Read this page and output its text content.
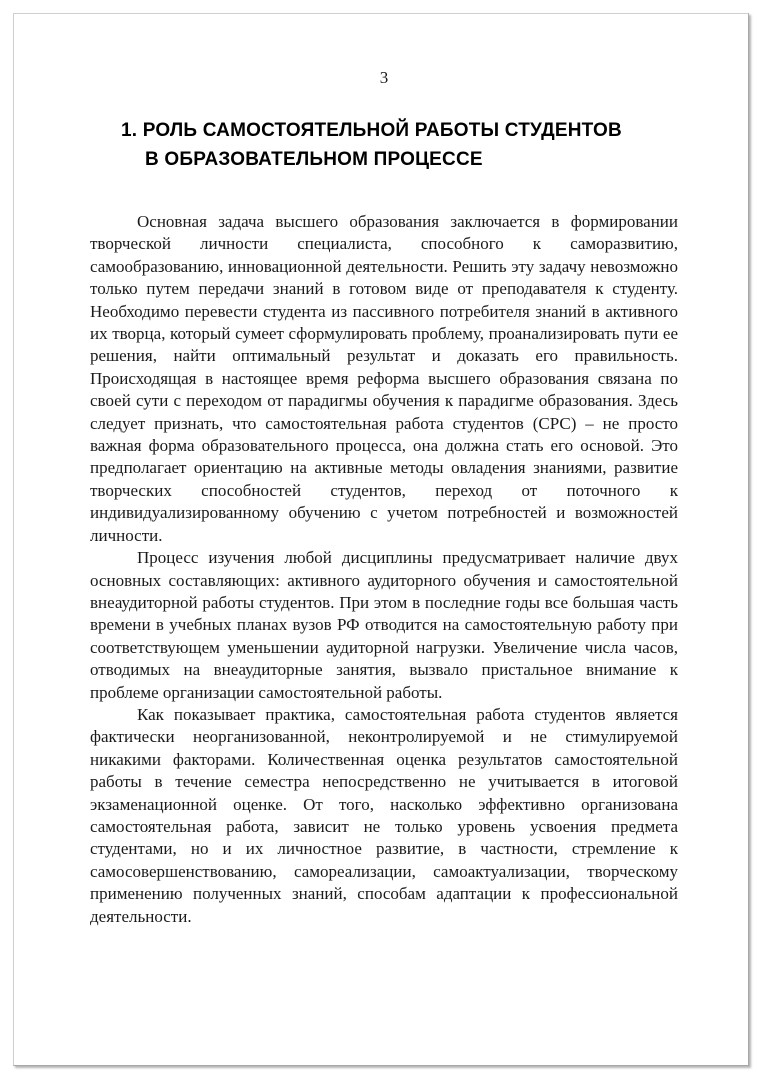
3
1. РОЛЬ САМОСТОЯТЕЛЬНОЙ РАБОТЫ СТУДЕНТОВ
В ОБРАЗОВАТЕЛЬНОМ ПРОЦЕССЕ

Основная задача высшего образования заключается в формировании творческой личности специалиста, способного к саморазвитию, самообразованию, инновационной деятельности. Решить эту задачу невозможно только путем передачи знаний в готовом виде от преподавателя к студенту. Необходимо перевести студента из пассивного потребителя знаний в активного их творца, который сумеет сформулировать проблему, проанализировать пути ее решения, найти оптимальный результат и доказать его правильность. Происходящая в настоящее время реформа высшего образования связана по своей сути с переходом от парадигмы обучения к парадигме образования. Здесь следует признать, что самостоятельная работа студентов (СРС) – не просто важная форма образовательного процесса, она должна стать его основой. Это предполагает ориентацию на активные методы овладения знаниями, развитие творческих способностей студентов, переход от поточного к индивидуализированному обучению с учетом потребностей и возможностей личности.

Процесс изучения любой дисциплины предусматривает наличие двух основных составляющих: активного аудиторного обучения и самостоятельной внеаудиторной работы студентов. При этом в последние годы все большая часть времени в учебных планах вузов РФ отводится на самостоятельную работу при соответствующем уменьшении аудиторной нагрузки. Увеличение числа часов, отводимых на внеаудиторные занятия, вызвало пристальное внимание к проблеме организации самостоятельной работы.

Как показывает практика, самостоятельная работа студентов является фактически неорганизованной, неконтролируемой и не стимулируемой никакими факторами. Количественная оценка результатов самостоятельной работы в течение семестра непосредственно не учитывается в итоговой экзаменационной оценке. От того, насколько эффективно организована самостоятельная работа, зависит не только уровень усвоения предмета студентами, но и их личностное развитие, в частности, стремление к самосовершенствованию, самореализации, самоактуализации, творческому применению полученных знаний, способам адаптации к профессиональной деятельности.
